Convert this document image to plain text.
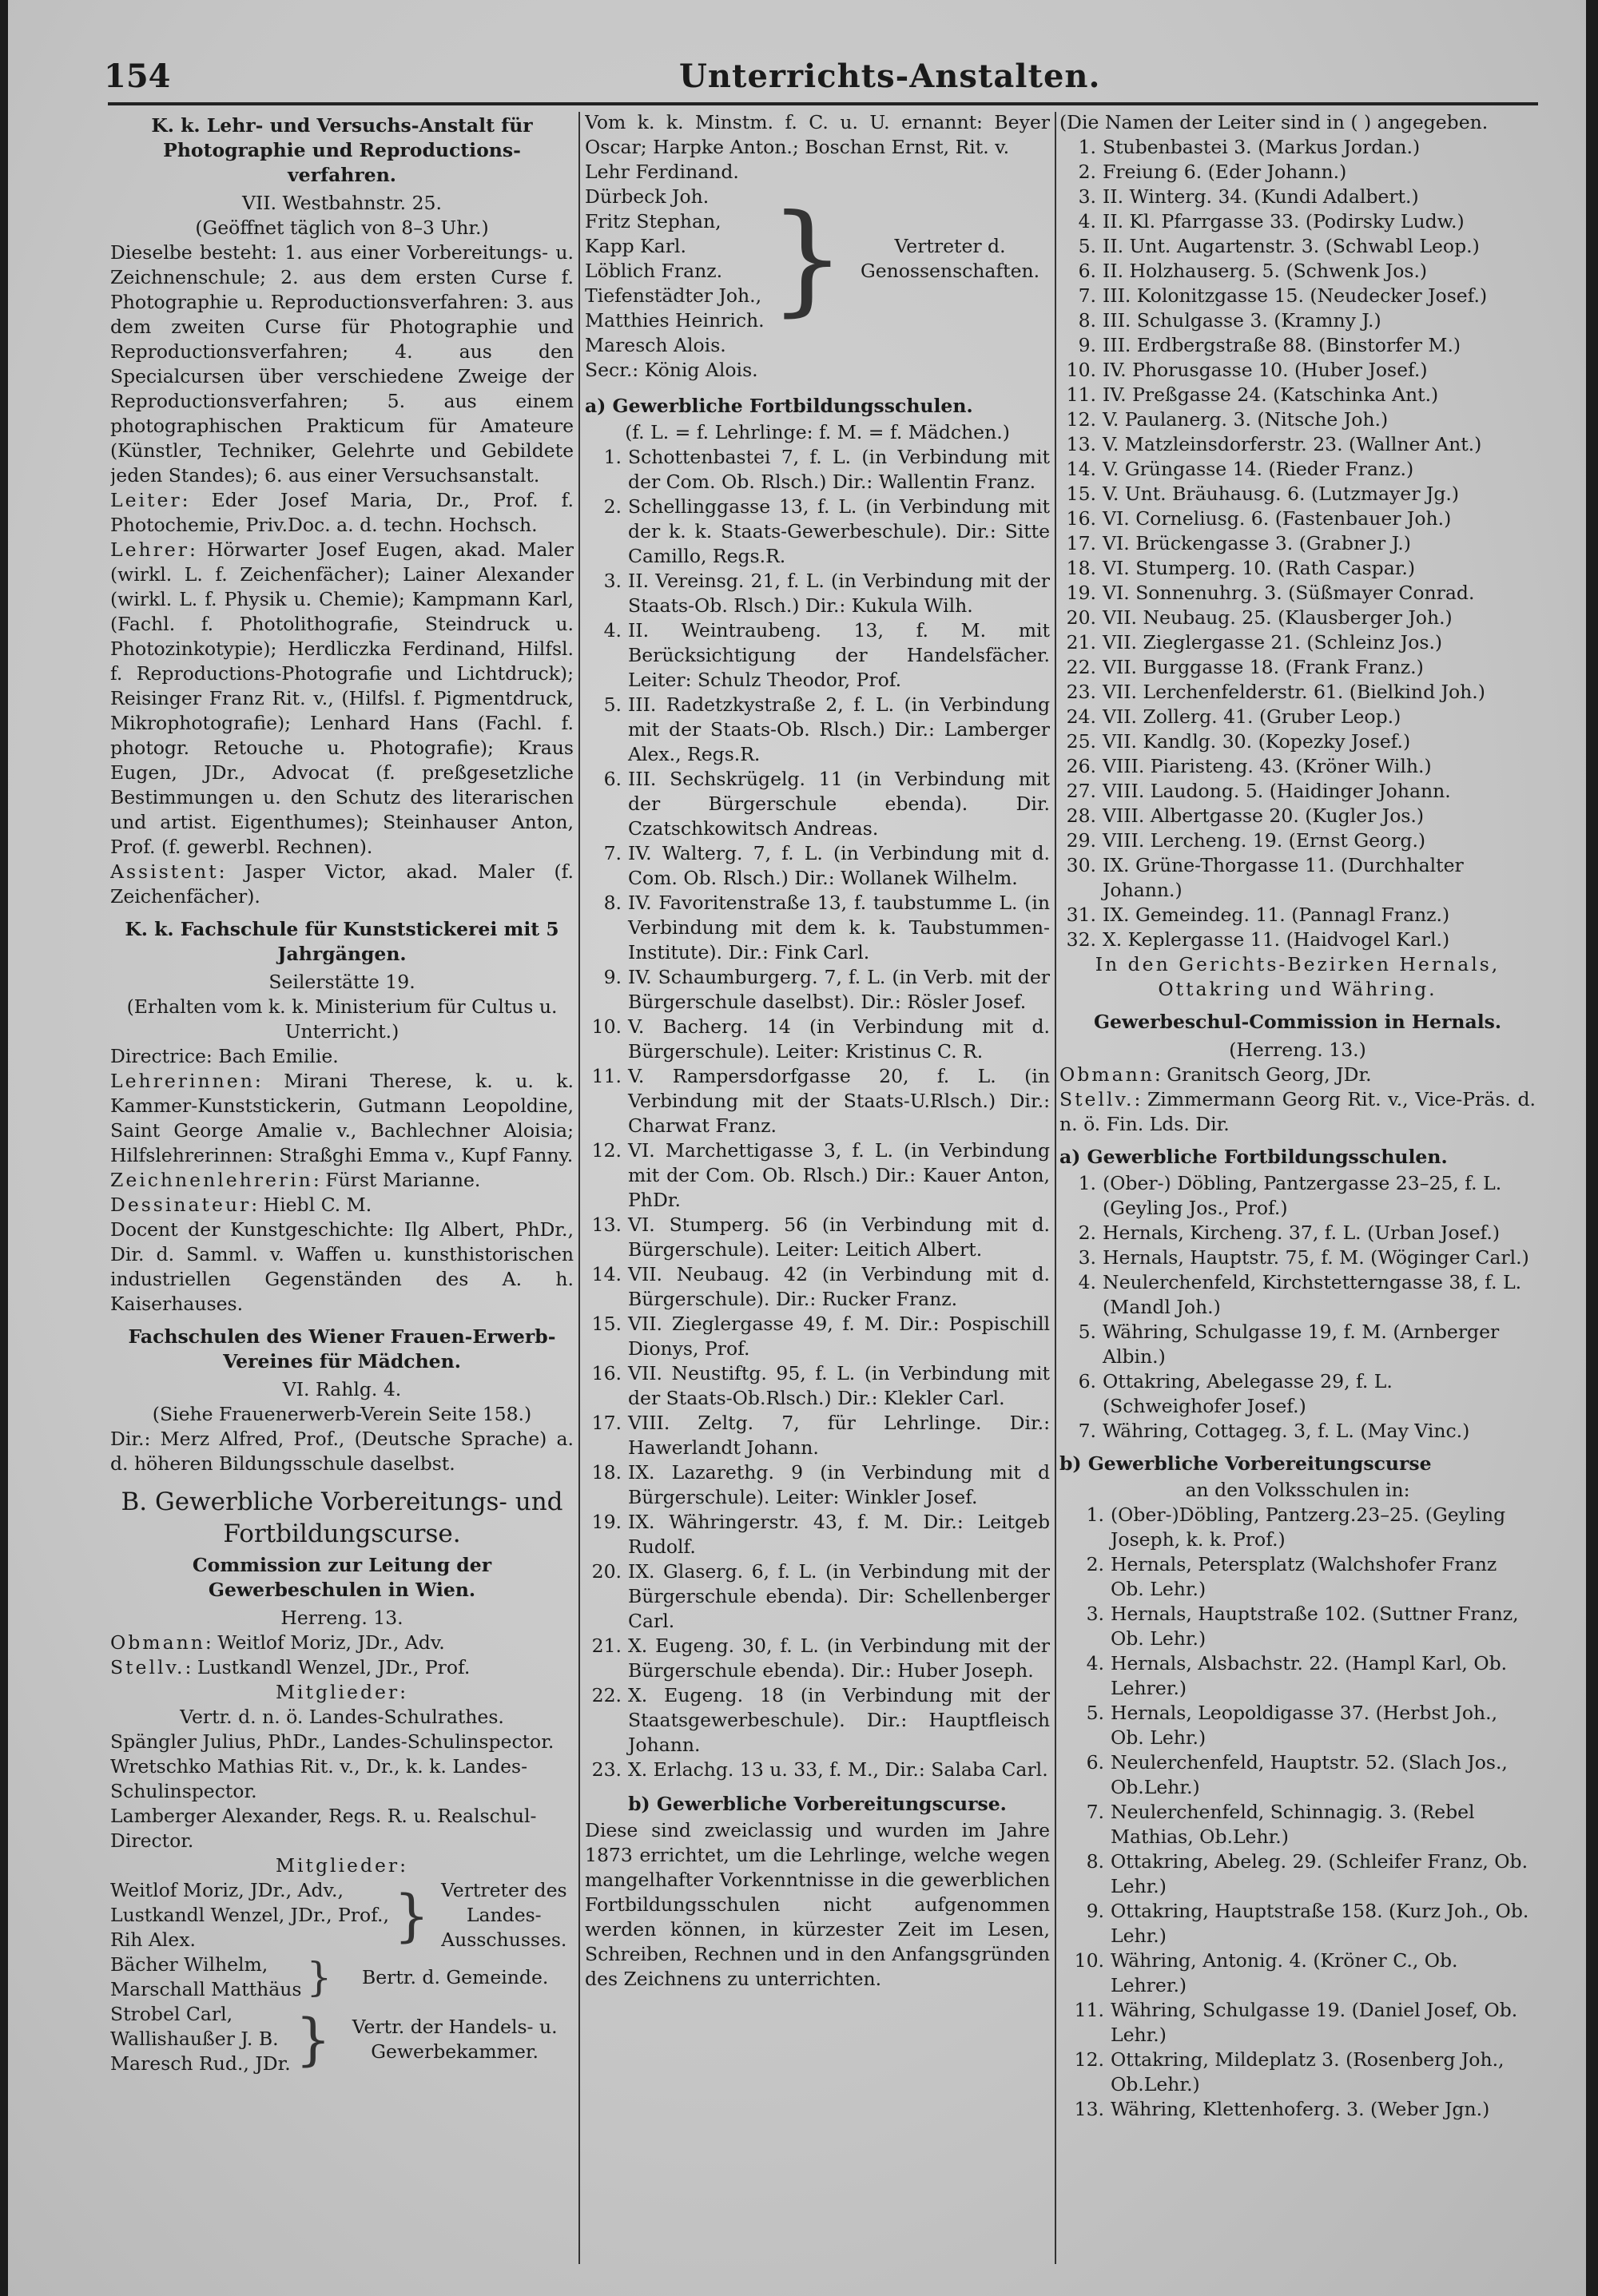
154	Unterrichts-Anstalten.
K. k. Lehr- und Versuchs-Anstalt für Photographie und Reproductions-verfahren.
VII. Westbahnstr. 25.
(Geöffnet täglich von 8–3 Uhr.)
Dieselbe besteht: 1. aus einer Vorbereitungs- u. Zeichnenschule; 2. aus dem ersten Curse f. Photographie u. Reproductionsverfahren: 3. aus dem zweiten Curse für Photographie und Reproductionsverfahren; 4. aus den Specialcursen über verschiedene Zweige der Reproductionsverfahren; 5. aus einem photographischen Prakticum für Amateure (Künstler, Techniker, Gelehrte und Gebildete jeden Standes); 6. aus einer Versuchsanstalt.
Leiter: Eder Josef Maria, Dr., Prof. f. Photochemie, Priv.Doc. a. d. techn. Hochsch.
Lehrer: Hörwarter Josef Eugen, akad. Maler (wirkl. L. f. Zeichenfächer); Lainer Alexander (wirkl. L. f. Physik u. Chemie); Kampmann Karl, (Fachl. f. Photolithografie, Steindruck u. Photozinkotypie); Herdliczka Ferdinand, Hilfsl. f. Reproductions-Photografie und Lichtdruck); Reisinger Franz Rit. v., (Hilfsl. f. Pigmentdruck, Mikrophotografie); Lenhard Hans (Fachl. f. photogr. Retouche u. Photografie); Kraus Eugen, JDr., Advocat (f. preßgesetzliche Bestimmungen u. den Schutz des literarischen und artist. Eigenthumes); Steinhauser Anton, Prof. (f. gewerbl. Rechnen).
Assistent: Jasper Victor, akad. Maler (f. Zeichenfächer).
K. k. Fachschule für Kunststickerei mit 5 Jahrgängen.
Seilerstätte 19.
(Erhalten vom k. k. Ministerium für Cultus u. Unterricht.)
Directrice: Bach Emilie.
Lehrerinnen: Mirani Therese, k. u. k. Kammer-Kunststickerin, Gutmann Leopoldine, Saint George Amalie v., Bachlechner Aloisia; Hilfslehrerinnen: Straßghi Emma v., Kupf Fanny.
Zeichnenlehrerin: Fürst Marianne.
Dessinateur: Hiebl C. M.
Docent der Kunstgeschichte: Ilg Albert, PhDr., Dir. d. Samml. v. Waffen u. kunsthistorischen industriellen Gegenständen des A. h. Kaiserhauses.
Fachschulen des Wiener Frauen-Erwerb-Vereines für Mädchen.
VI. Rahlg. 4.
(Siehe Frauenerwerb-Verein Seite 158.)
Dir.: Merz Alfred, Prof., (Deutsche Sprache) a. d. höheren Bildungsschule daselbst.
B. Gewerbliche Vorbereitungs- und Fortbildungscurse.
Commission zur Leitung der Gewerbeschulen in Wien.
Herreng. 13.
Obmann: Weitlof Moriz, JDr., Adv.
Stellv.: Lustkandl Wenzel, JDr., Prof.
Mitglieder:
Vertr. d. n. ö. Landes-Schulrathes.
Spängler Julius, PhDr., Landes-Schulinspector.
Wretschko Mathias Rit. v., Dr., k. k. Landes-Schulinspector.
Lamberger Alexander, Regs. R. u. Realschul-Director.
Mitglieder:
Weitlof Moriz, JDr., Adv.,
Lustkandl Wenzel, JDr., Prof.,
Rih Alex.	} Vertreter des Landes-Ausschusses.
Bächer Wilhelm,
Marschall Matthäus }	Bertr. d. Gemeinde.
Strobel Carl,
Wallishaußer J. B.
Maresch Rud., JDr. }	Vertr. der Handels- u. Gewerbekammer.
Vom k. k. Minstm. f. C. u. U. ernannt: Beyer Oscar; Harpke Anton.; Boschan Ernst, Rit. v.
Lehr Ferdinand.
Dürbeck Joh.
Fritz Stephan,
Kapp Karl.
Löblich Franz.
Tiefenstädter Joh.,
Matthies Heinrich.
Maresch Alois.
}	Vertreter d. Genossenschaften.
Secr.: König Alois.
a) Gewerbliche Fortbildungsschulen.
(f. L. = f. Lehrlinge: f. M. = f. Mädchen.)
1. Schottenbastei 7, f. L. (in Verbindung mit der Com. Ob. Rlsch.) Dir.: Wallentin Franz.
2. Schellinggasse 13, f. L. (in Verbindung mit der k. k. Staats-Gewerbeschule). Dir.: Sitte Camillo, Regs.R.
3. II. Vereinsg. 21, f. L. (in Verbindung mit der Staats-Ob. Rlsch.) Dir.: Kukula Wilh.
4. II. Weintraubeng. 13, f. M. mit Berücksichtigung der Handelsfächer. Leiter: Schulz Theodor, Prof.
5. III. Radetzkystraße 2, f. L. (in Verbindung mit der Staats-Ob. Rlsch.) Dir.: Lamberger Alex., Regs.R.
6. III. Sechskrügelg. 11 (in Verbindung mit der Bürgerschule ebenda). Dir. Czatschkowitsch Andreas.
7. IV. Walterg. 7, f. L. (in Verbindung mit d. Com. Ob. Rlsch.) Dir.: Wollanek Wilhelm.
8. IV. Favoritenstraße 13, f. taubstumme L. (in Verbindung mit dem k. k. Taubstummen-Institute). Dir.: Fink Carl.
9. IV. Schaumburgerg. 7, f. L. (in Verb. mit der Bürgerschule daselbst). Dir.: Rösler Josef.
10. V. Bacherg. 14 (in Verbindung mit d. Bürgerschule). Leiter: Kristinus C. R.
11. V. Rampersdorfgasse 20, f. L. (in Verbindung mit der Staats-U.Rlsch.) Dir.: Charwat Franz.
12. VI. Marchettigasse 3, f. L. (in Verbindung mit der Com. Ob. Rlsch.) Dir.: Kauer Anton, PhDr.
13. VI. Stumperg. 56 (in Verbindung mit d. Bürgerschule). Leiter: Leitich Albert.
14. VII. Neubaug. 42 (in Verbindung mit d. Bürgerschule). Dir.: Rucker Franz.
15. VII. Zieglergasse 49, f. M. Dir.: Pospischill Dionys, Prof.
16. VII. Neustiftg. 95, f. L. (in Verbindung mit der Staats-Ob.Rlsch.) Dir.: Klekler Carl.
17. VIII. Zeltg. 7, für Lehrlinge. Dir.: Hawerlandt Johann.
18. IX. Lazarethg. 9 (in Verbindung mit d Bürgerschule). Leiter: Winkler Josef.
19. IX. Währingerstr. 43, f. M. Dir.: Leitgeb Rudolf.
20. IX. Glaserg. 6, f. L. (in Verbindung mit der Bürgerschule ebenda). Dir: Schellenberger Carl.
21. X. Eugeng. 30, f. L. (in Verbindung mit der Bürgerschule ebenda). Dir.: Huber Joseph.
22. X. Eugeng. 18 (in Verbindung mit der Staatsgewerbeschule). Dir.: Hauptfleisch Johann.
23. X. Erlachg. 13 u. 33, f. M., Dir.: Salaba Carl.
b) Gewerbliche Vorbereitungscurse.
Diese sind zweiclassig und wurden im Jahre 1873 errichtet, um die Lehrlinge, welche wegen mangelhafter Vorkenntnisse in die gewerblichen Fortbildungsschulen nicht aufgenommen werden können, in kürzester Zeit im Lesen, Schreiben, Rechnen und in den Anfangsgründen des Zeichnens zu unterrichten.
(Die Namen der Leiter sind in ( ) angegeben.
1. Stubenbastei 3. (Markus Jordan.)
2. Freiung 6. (Eder Johann.)
3. II. Winterg. 34. (Kundi Adalbert.)
4. II. Kl. Pfarrgasse 33. (Podirsky Ludw.)
5. II. Unt. Augartenstr. 3. (Schwabl Leop.)
6. II. Holzhauserg. 5. (Schwenk Jos.)
7. III. Kolonitzgasse 15. (Neudecker Josef.)
8. III. Schulgasse 3. (Kramny J.)
9. III. Erdbergstraße 88. (Binstorfer M.)
10. IV. Phorusgasse 10. (Huber Josef.)
11. IV. Preßgasse 24. (Katschinka Ant.)
12. V. Paulanerg. 3. (Nitsche Joh.)
13. V. Matzleinsdorferstr. 23. (Wallner Ant.)
14. V. Grüngasse 14. (Rieder Franz.)
15. V. Unt. Bräuhausg. 6. (Lutzmayer Jg.)
16. VI. Corneliusg. 6. (Fastenbauer Joh.)
17. VI. Brückengasse 3. (Grabner J.)
18. VI. Stumperg. 10. (Rath Caspar.)
19. VI. Sonnenuhrg. 3. (Süßmayer Conrad.
20. VII. Neubaug. 25. (Klausberger Joh.)
21. VII. Zieglergasse 21. (Schleinz Jos.)
22. VII. Burggasse 18. (Frank Franz.)
23. VII. Lerchenfelderstr. 61. (Bielkind Joh.)
24. VII. Zollerg. 41. (Gruber Leop.)
25. VII. Kandlg. 30. (Kopezky Josef.)
26. VIII. Piaristeng. 43. (Kröner Wilh.)
27. VIII. Laudong. 5. (Haidinger Johann.
28. VIII. Albertgasse 20. (Kugler Jos.)
29. VIII. Lercheng. 19. (Ernst Georg.)
30. IX. Grüne-Thorgasse 11. (Durchhalter Johann.)
31. IX. Gemeindeg. 11. (Pannagl Franz.)
32. X. Keplergasse 11. (Haidvogel Karl.)
In den Gerichts-Bezirken Hernals, Ottakring und Währing.
Gewerbeschul-Commission in Hernals.
(Herreng. 13.)
Obmann: Granitsch Georg, JDr.
Stellv.: Zimmermann Georg Rit. v., Vice-Präs. d. n. ö. Fin. Lds. Dir.
a) Gewerbliche Fortbildungsschulen.
1. (Ober-) Döbling, Pantzergasse 23–25, f. L. (Geyling Jos., Prof.)
2. Hernals, Kircheng. 37, f. L. (Urban Josef.)
3. Hernals, Hauptstr. 75, f. M. (Wöginger Carl.)
4. Neulerchenfeld, Kirchstetterngasse 38, f. L. (Mandl Joh.)
5. Währing, Schulgasse 19, f. M. (Arnberger Albin.)
6. Ottakring, Abelegasse 29, f. L. (Schweighofer Josef.)
7. Währing, Cottageg. 3, f. L. (May Vinc.)
b) Gewerbliche Vorbereitungscurse
an den Volksschulen in:
1. (Ober-)Döbling, Pantzerg.23–25. (Geyling Joseph, k. k. Prof.)
2. Hernals, Petersplatz (Walchshofer Franz Ob. Lehr.)
3. Hernals, Hauptstraße 102. (Suttner Franz, Ob. Lehr.)
4. Hernals, Alsbachstr. 22. (Hampl Karl, Ob. Lehrer.)
5. Hernals, Leopoldigasse 37. (Herbst Joh., Ob. Lehr.)
6. Neulerchenfeld, Hauptstr. 52. (Slach Jos., Ob.Lehr.)
7. Neulerchenfeld, Schinnagig. 3. (Rebel Mathias, Ob.Lehr.)
8. Ottakring, Abeleg. 29. (Schleifer Franz, Ob. Lehr.)
9. Ottakring, Hauptstraße 158. (Kurz Joh., Ob. Lehr.)
10. Währing, Antonig. 4. (Kröner C., Ob. Lehrer.)
11. Währing, Schulgasse 19. (Daniel Josef, Ob. Lehr.)
12. Ottakring, Mildeplatz 3. (Rosenberg Joh., Ob.Lehr.)
13. Währing, Klettenhoferg. 3. (Weber Jgn.)
